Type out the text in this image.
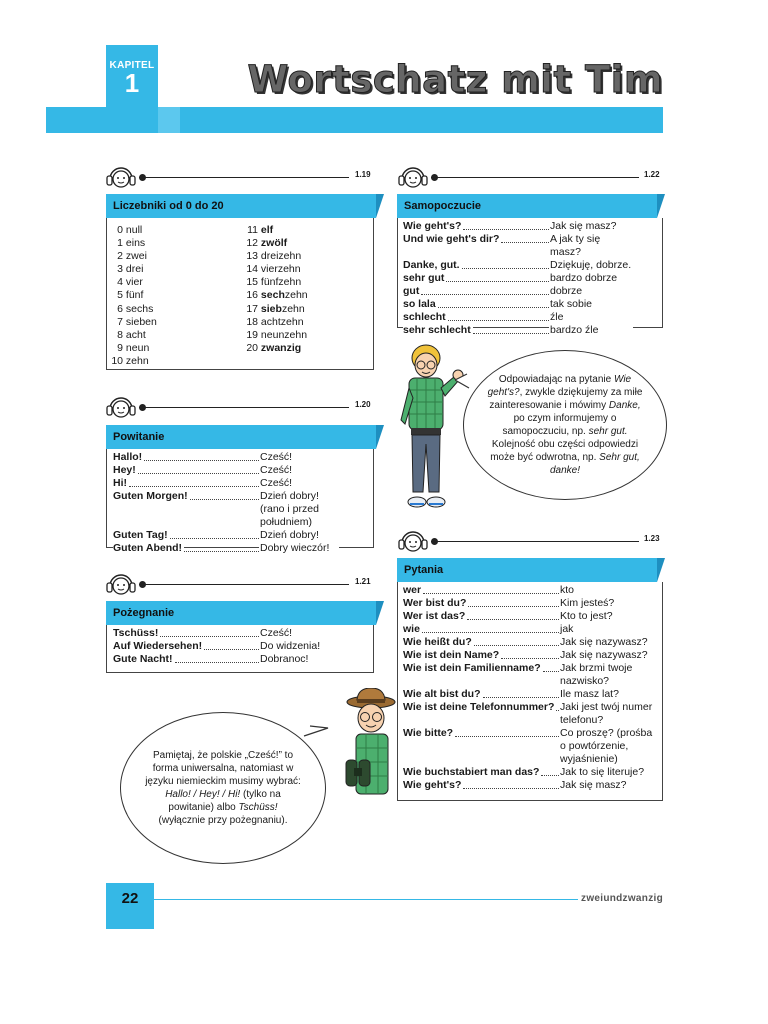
KAPITEL
1	Wortschatz mit Tim
1.19
1.20
1.21
1.22
1.23
Liczebniki od 0 do 20
0 null
1 eins
2 zwei
3 drei
4 vier
5 fünf
6 sechs
7 sieben
8 acht
9 neun
10 zehn
11 elf
12 zwölf
13 dreizehn
14 vierzehn
15 fünfzehn
16 sechzehn
17 siebzehn
18 achtzehn
19 neunzehn
20 zwanzig
Powitanie
Hallo!	Cześć!
Hey!	Cześć!
Hi!	Cześć!
Guten Morgen!	Dzień dobry! (rano i przed południem)
Guten Tag!	Dzień dobry!
Guten Abend!	Dobry wieczór!
Pożegnanie
Tschüss!	Cześć!
Auf Wiedersehen!	Do widzenia!
Gute Nacht!	Dobranoc!
Samopoczucie
Wie geht's?	Jak się masz?
Und wie geht's dir?	A jak ty się masz?
Danke, gut.	Dziękuję, dobrze.
sehr gut	bardzo dobrze
gut	dobrze
so lala	tak sobie
schlecht	źle
sehr schlecht	bardzo źle
Pytania
wer	kto
Wer bist du?	Kim jesteś?
Wer ist das?	Kto to jest?
wie	jak
Wie heißt du?	Jak się nazywasz?
Wie ist dein Name?	Jak się nazywasz?
Wie ist dein Familienname? Jak brzmi twoje nazwisko?
Wie alt bist du?	Ile masz lat?
Wie ist deine Telefonnummer? Jaki jest twój numer telefonu?
Wie bitte?	Co proszę? (prośba o powtórzenie, wyjaśnienie)
Wie buchstabiert man das? Jak to się literuje?
Wie geht's?	Jak się masz?
Odpowiadając na pytanie Wie geht's?, zwykle dziękujemy za miłe zainteresowanie i mówimy Danke, po czym informujemy o samopoczuciu, np. sehr gut. Kolejność obu części odpowiedzi może być odwrotna, np. Sehr gut, danke!
Pamiętaj, że polskie „Cześć!” to forma uniwersalna, natomiast w języku niemieckim musimy wybrać: Hallo! / Hey! / Hi! (tylko na powitanie) albo Tschüss! (wyłącznie przy pożegnaniu).
22	zweiundzwanzig
